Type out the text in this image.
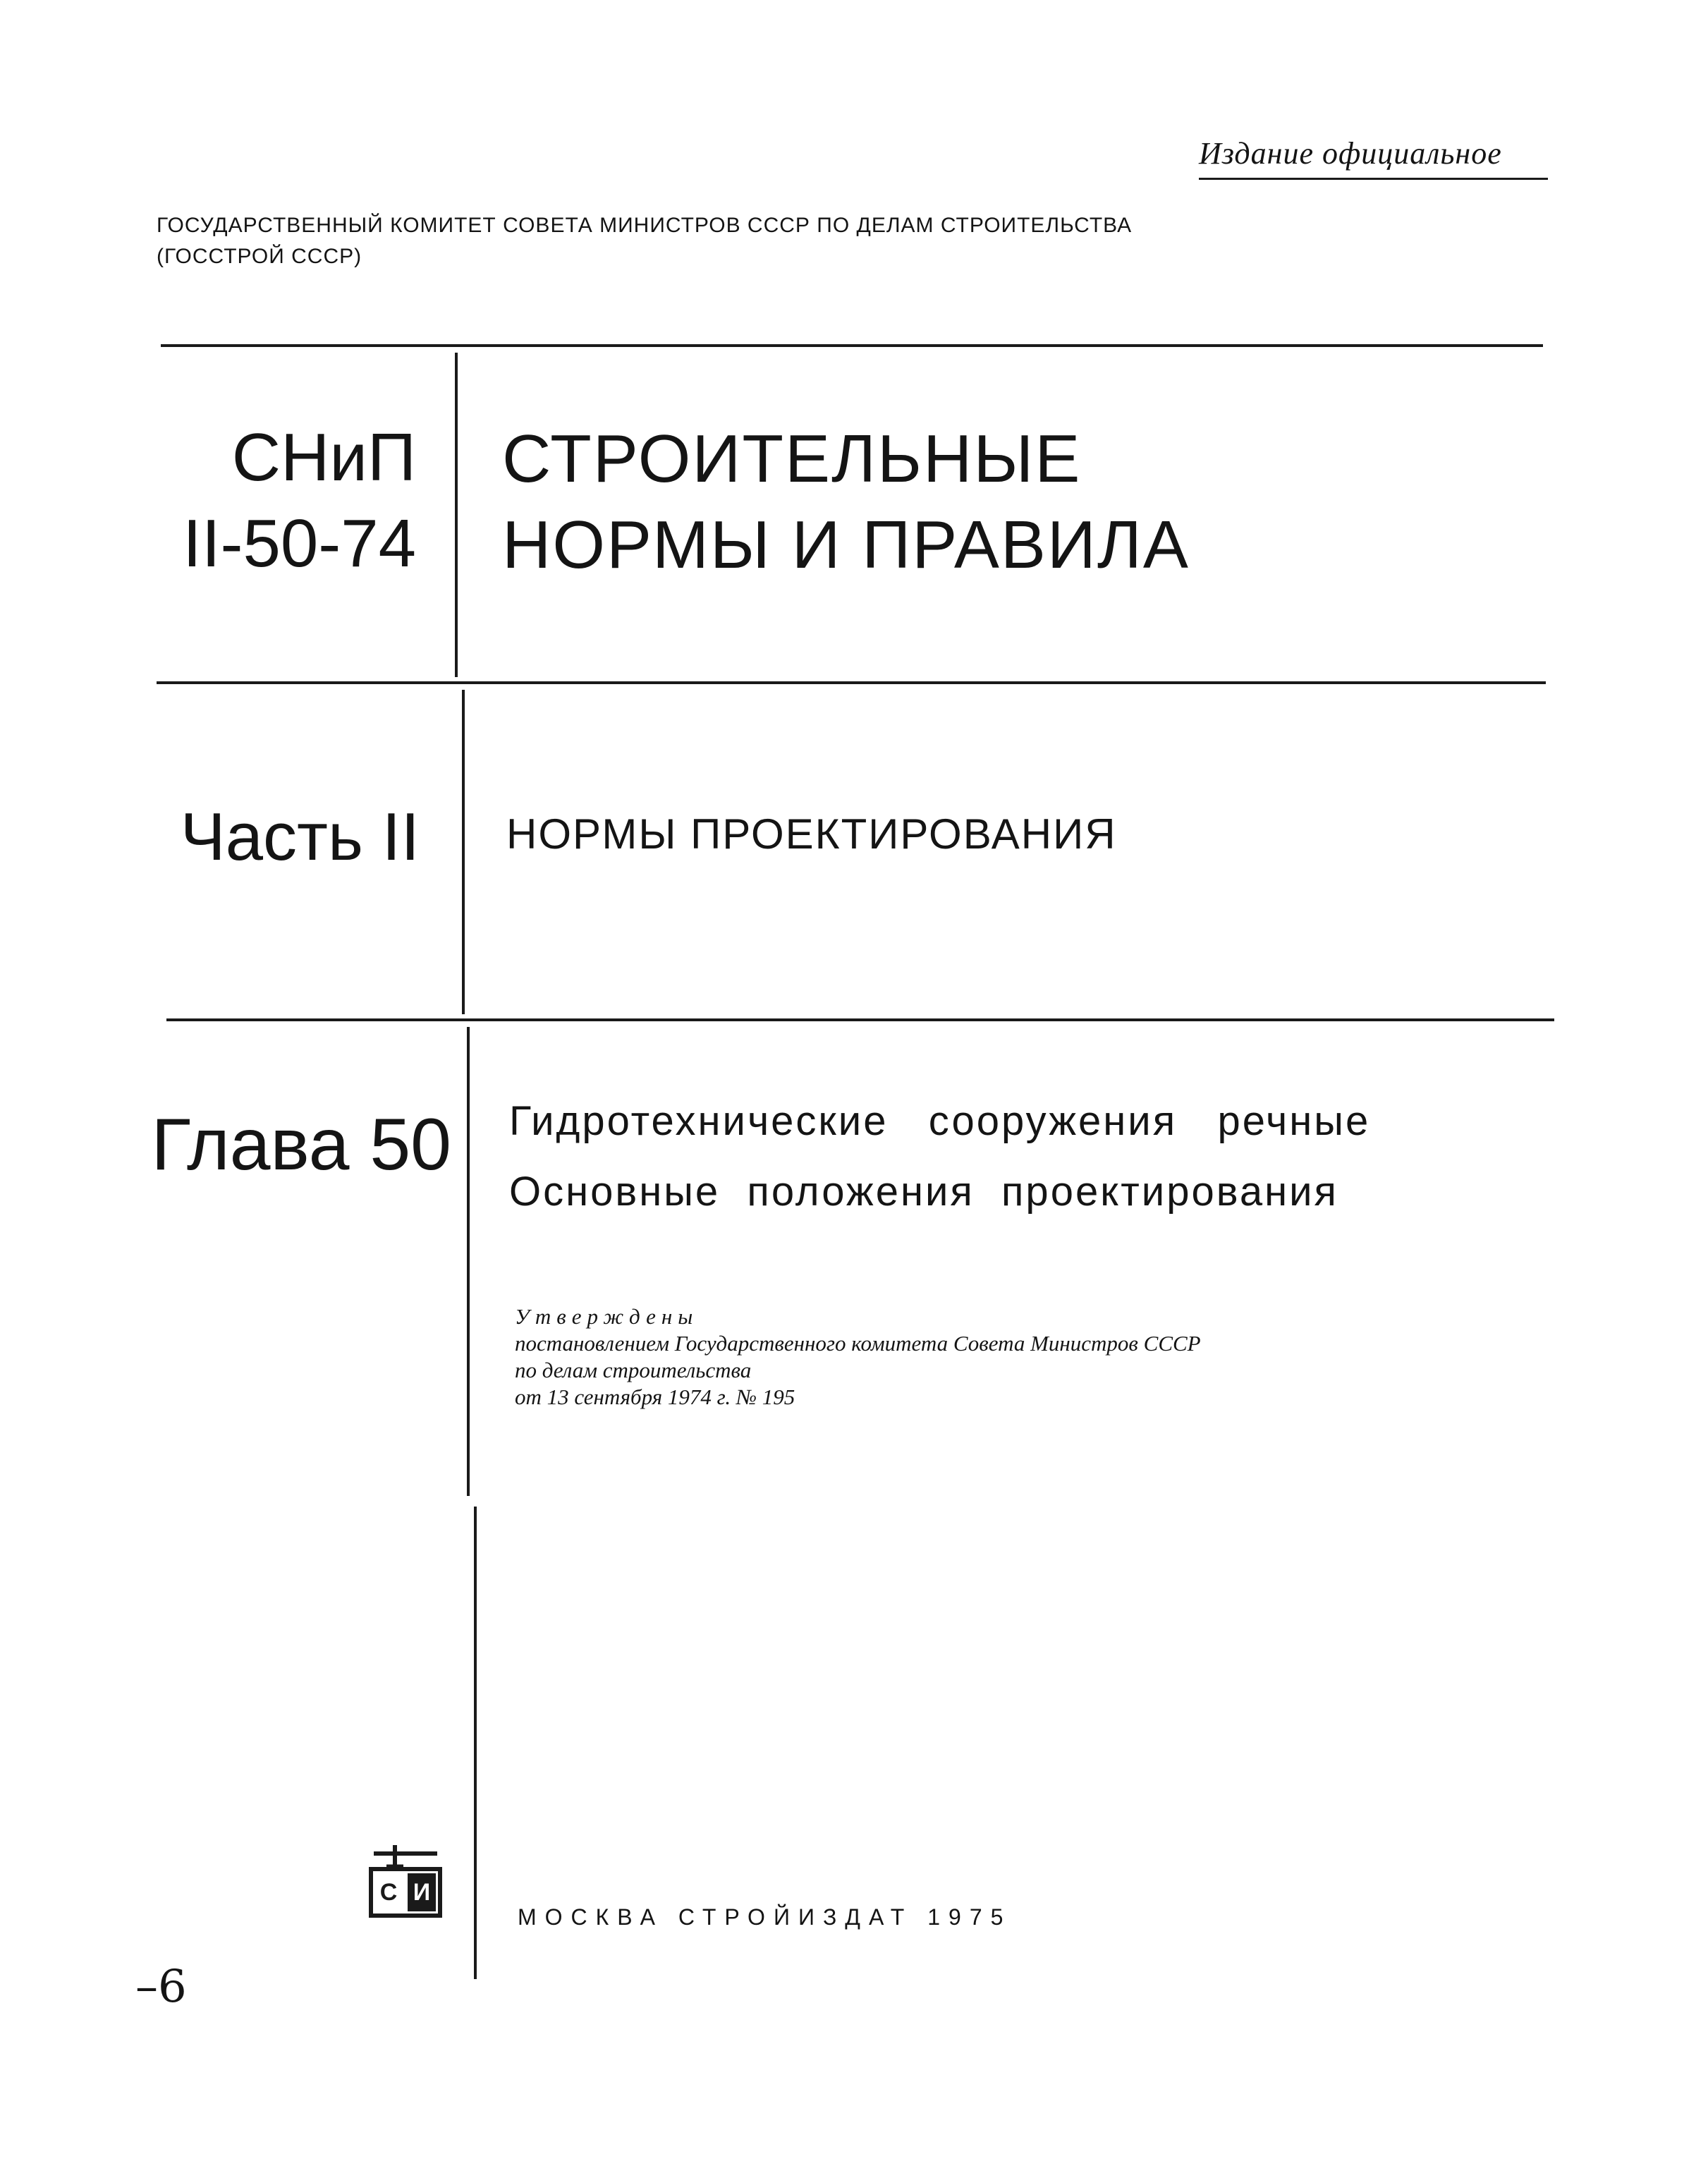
Издание официальное
ГОСУДАРСТВЕННЫЙ КОМИТЕТ СОВЕТА МИНИСТРОВ СССР ПО ДЕЛАМ СТРОИТЕЛЬСТВА
(ГОССТРОЙ СССР)
СНиП
II-50-74
СТРОИТЕЛЬНЫЕ
НОРМЫ И ПРАВИЛА
Часть II НОРМЫ ПРОЕКТИРОВАНИЯ
Глава 50 Гидротехнические   сооружения   речные
Основные  положения  проектирования
Утверждены
постановлением Государственного комитета Совета Министров СССР
по делам строительства
от 13 сентября 1974 г. № 195
С И
МОСКВА СТРОЙИЗДАТ 1975
–6
